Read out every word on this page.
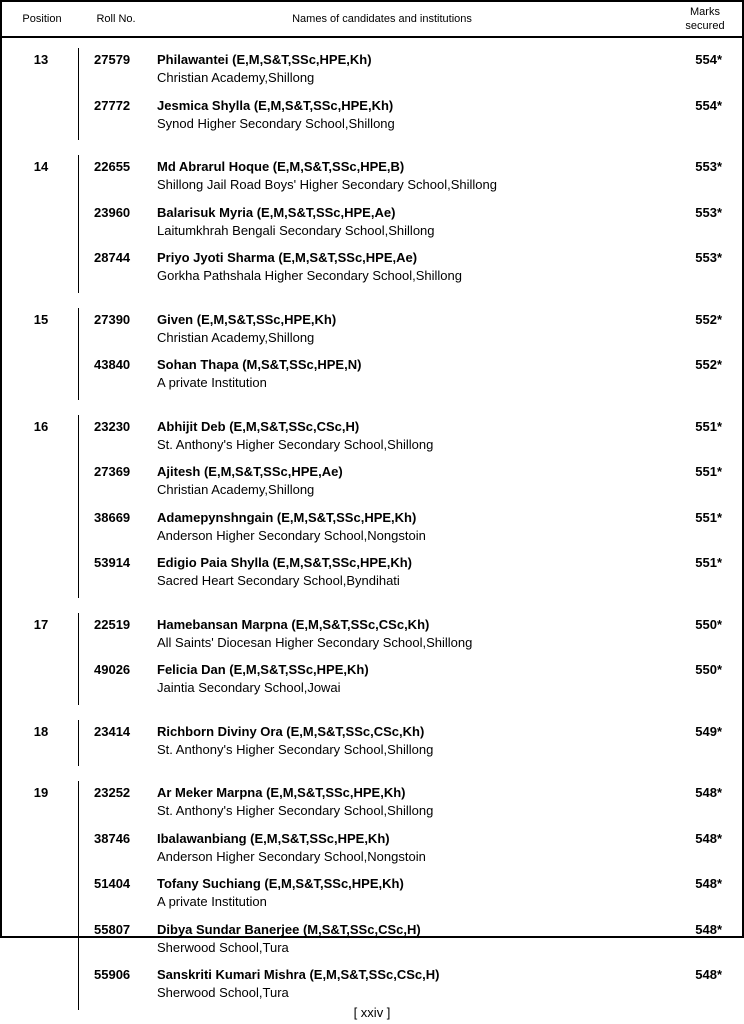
Position	Roll No.	Names of candidates and institutions
Marks secured
13	27579	Philawantei (E,M,S&T,SSc,HPE,Kh)
Christian Academy,Shillong
554*
27772	Jesmica Shylla (E,M,S&T,SSc,HPE,Kh)
Synod Higher Secondary School,Shillong
554*
14	22655	Md Abrarul Hoque (E,M,S&T,SSc,HPE,B)
Shillong Jail Road Boys' Higher Secondary School,Shillong
553*
23960	Balarisuk Myria (E,M,S&T,SSc,HPE,Ae)
Laitumkhrah Bengali Secondary School,Shillong
553*
28744	Priyo Jyoti Sharma (E,M,S&T,SSc,HPE,Ae)
Gorkha Pathshala Higher Secondary School,Shillong
553*
15	27390	Given (E,M,S&T,SSc,HPE,Kh)
Christian Academy,Shillong
552*
43840	Sohan Thapa (M,S&T,SSc,HPE,N)
A private Institution
552*
16	23230	Abhijit Deb (E,M,S&T,SSc,CSc,H)
St. Anthony's Higher Secondary School,Shillong
551*
27369	Ajitesh (E,M,S&T,SSc,HPE,Ae)
Christian Academy,Shillong
551*
38669	Adamepynshngain (E,M,S&T,SSc,HPE,Kh)
Anderson Higher Secondary School,Nongstoin
551*
53914	Edigio Paia Shylla (E,M,S&T,SSc,HPE,Kh)
Sacred Heart Secondary School,Byndihati
551*
17	22519	Hamebansan Marpna (E,M,S&T,SSc,CSc,Kh)
All Saints' Diocesan Higher Secondary School,Shillong
550*
49026	Felicia Dan (E,M,S&T,SSc,HPE,Kh)
Jaintia Secondary School,Jowai
550*
18	23414	Richborn Diviny Ora (E,M,S&T,SSc,CSc,Kh)
St. Anthony's Higher Secondary School,Shillong
549*
19	23252	Ar Meker Marpna (E,M,S&T,SSc,HPE,Kh)
St. Anthony's Higher Secondary School,Shillong
548*
38746	Ibalawanbiang (E,M,S&T,SSc,HPE,Kh)
Anderson Higher Secondary School,Nongstoin
548*
51404	Tofany Suchiang (E,M,S&T,SSc,HPE,Kh)
A private Institution
548*
55807	Dibya Sundar Banerjee (M,S&T,SSc,CSc,H)
Sherwood School,Tura
548*
55906	Sanskriti Kumari Mishra (E,M,S&T,SSc,CSc,H)
Sherwood School,Tura
548*
[ xxiv ]
